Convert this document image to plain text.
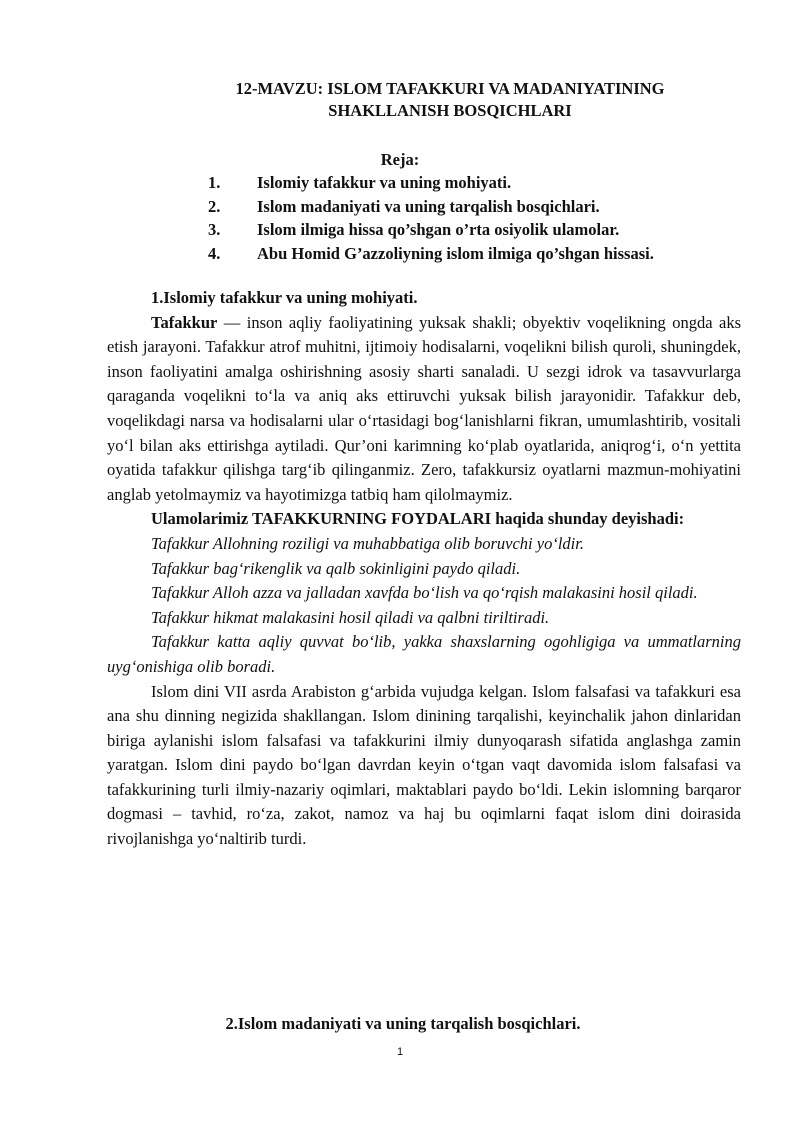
12-MAVZU: ISLOM TAFAKKURI VA MADANIYATINING
SHAKLLANISH BOSQICHLARI
Reja:
1. Islomiy tafakkur va uning mohiyati.
2. Islom madaniyati va uning tarqalish bosqichlari.
3. Islom ilmiga hissa qo’shgan o’rta osiyolik ulamolar.
4. Abu Homid G’azzoliyning islom ilmiga qo’shgan hissasi.

1.Islomiy tafakkur va uning mohiyati.

Tafakkur — inson aqliy faoliyatining yuksak shakli; obyektiv voqelikning ongda aks etish jarayoni. Tafakkur atrof muhitni, ijtimoiy hodisalarni, voqelikni bilish quroli, shuningdek, inson faoliyatini amalga oshirishning asosiy sharti sanaladi. U sezgi idrok va tasavvurlarga qaraganda voqelikni to‘la va aniq aks ettiruvchi yuksak bilish jarayonidir. Tafakkur deb, voqelikdagi narsa va hodisalarni ular o‘rtasidagi bog‘lanishlarni fikran, umumlashtirib, vositali yo‘l bilan aks ettirishga aytiladi. Qur’oni karimning ko‘plab oyatlarida, aniqrog‘i, o‘n yettita oyatida tafakkur qilishga targ‘ib qilinganmiz. Zero, tafakkursiz oyatlarni mazmun-mohiyatini anglab yetolmaymiz va hayotimizga tatbiq ham qilolmaymiz.

Ulamolarimiz TAFAKKURNING FOYDALARI haqida shunday deyishadi:

Tafakkur Allohning roziligi va muhabbatiga olib boruvchi yo‘ldir.

Tafakkur bag‘rikenglik va qalb sokinligini paydo qiladi.

Tafakkur Alloh azza va jalladan xavfda bo‘lish va qo‘rqish malakasini hosil qiladi.

Tafakkur hikmat malakasini hosil qiladi va qalbni tiriltiradi.

Tafakkur katta aqliy quvvat bo‘lib, yakka shaxslarning ogohligiga va ummatlarning uyg‘onishiga olib boradi.

Islom dini VII asrda Arabiston g‘arbida vujudga kelgan. Islom falsafasi va tafakkuri esa ana shu dinning negizida shakllangan. Islom dinining tarqalishi, keyinchalik jahon dinlaridan biriga aylanishi islom falsafasi va tafakkurini ilmiy dunyoqarash sifatida anglashga zamin yaratgan. Islom dini paydo bo‘lgan davrdan keyin o‘tgan vaqt davomida islom falsafasi va tafakkurining turli ilmiy-nazariy oqimlari, maktablari paydo bo‘ldi. Lekin islomning barqaror dogmasi – tavhid, ro‘za, zakot, namoz va haj bu oqimlarni faqat islom dini doirasida rivojlanishga yo‘naltirib turdi.

2.Islom madaniyati va uning tarqalish bosqichlari.
1
